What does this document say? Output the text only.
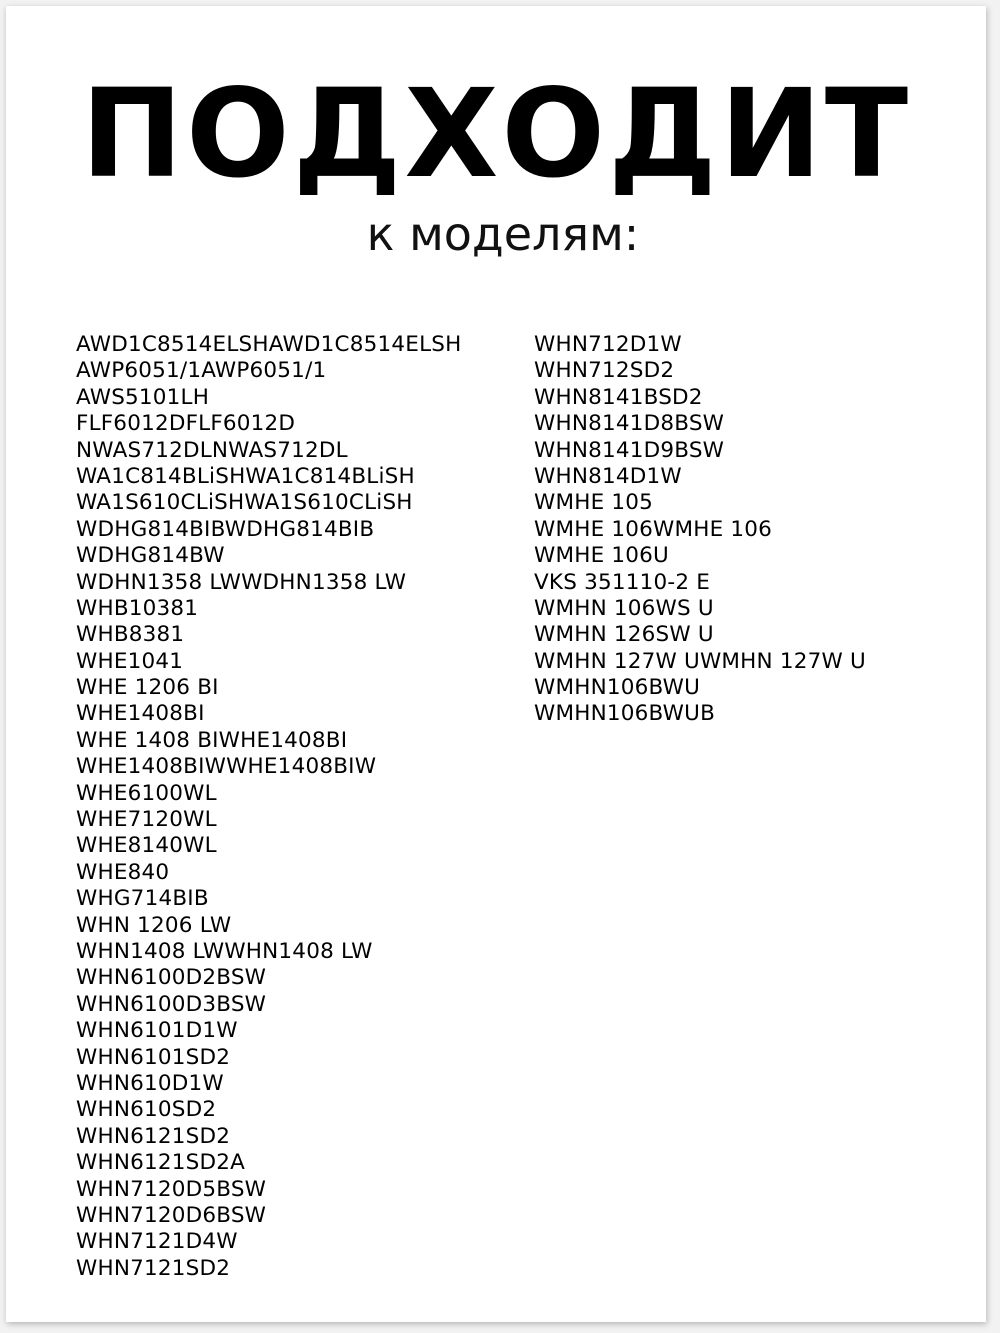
ПОДХОДИТ
к моделям:
AWD1C8514ELSHAWD1C8514ELSH
AWP6051/1AWP6051/1
AWS5101LH
FLF6012DFLF6012D
NWAS712DLNWAS712DL
WA1C814BLiSHWA1C814BLiSH
WA1S610CLiSHWA1S610CLiSH
WDHG814BIBWDHG814BIB
WDHG814BW
WDHN1358 LWWDHN1358 LW
WHB10381
WHB8381
WHE1041
WHE 1206 BI
WHE1408BI
WHE 1408 BIWHE1408BI
WHE1408BIWWHE1408BIW
WHE6100WL
WHE7120WL
WHE8140WL
WHE840
WHG714BIB
WHN 1206 LW
WHN1408 LWWHN1408 LW
WHN6100D2BSW
WHN6100D3BSW
WHN6101D1W
WHN6101SD2
WHN610D1W
WHN610SD2
WHN6121SD2
WHN6121SD2A
WHN7120D5BSW
WHN7120D6BSW
WHN7121D4W
WHN7121SD2
WHN712D1W
WHN712SD2
WHN8141BSD2
WHN8141D8BSW
WHN8141D9BSW
WHN814D1W
WMHE 105
WMHE 106WMHE 106
WMHE 106U
VKS 351110-2 E
WMHN 106WS U
WMHN 126SW U
WMHN 127W UWMHN 127W U
WMHN106BWU
WMHN106BWUB
